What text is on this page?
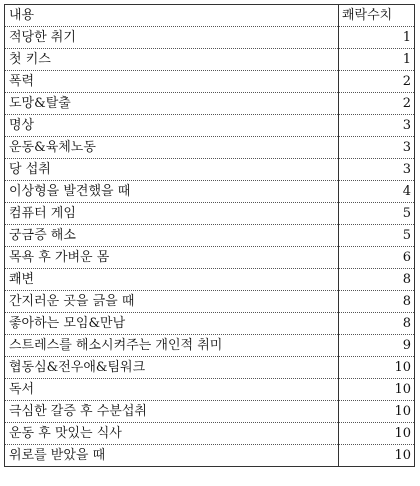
내용	쾌락수치
적당한 취기	1
첫 키스	1
폭력	2
도망&탈출	2
명상	3
운동&육체노동	3
당 섭취	3
이상형을 발견했을 때	4
컴퓨터 게임	5
궁금증 해소	5
목욕 후 가벼운 몸	6
쾌변	8
간지러운 곳을 긁을 때	8
좋아하는 모임&만남	8
스트레스를 해소시켜주는 개인적 취미	9
협동심&전우애&팀워크	10
독서	10
극심한 갈증 후 수분섭취	10
운동 후 맛있는 식사	10
위로를 받았을 때	10
